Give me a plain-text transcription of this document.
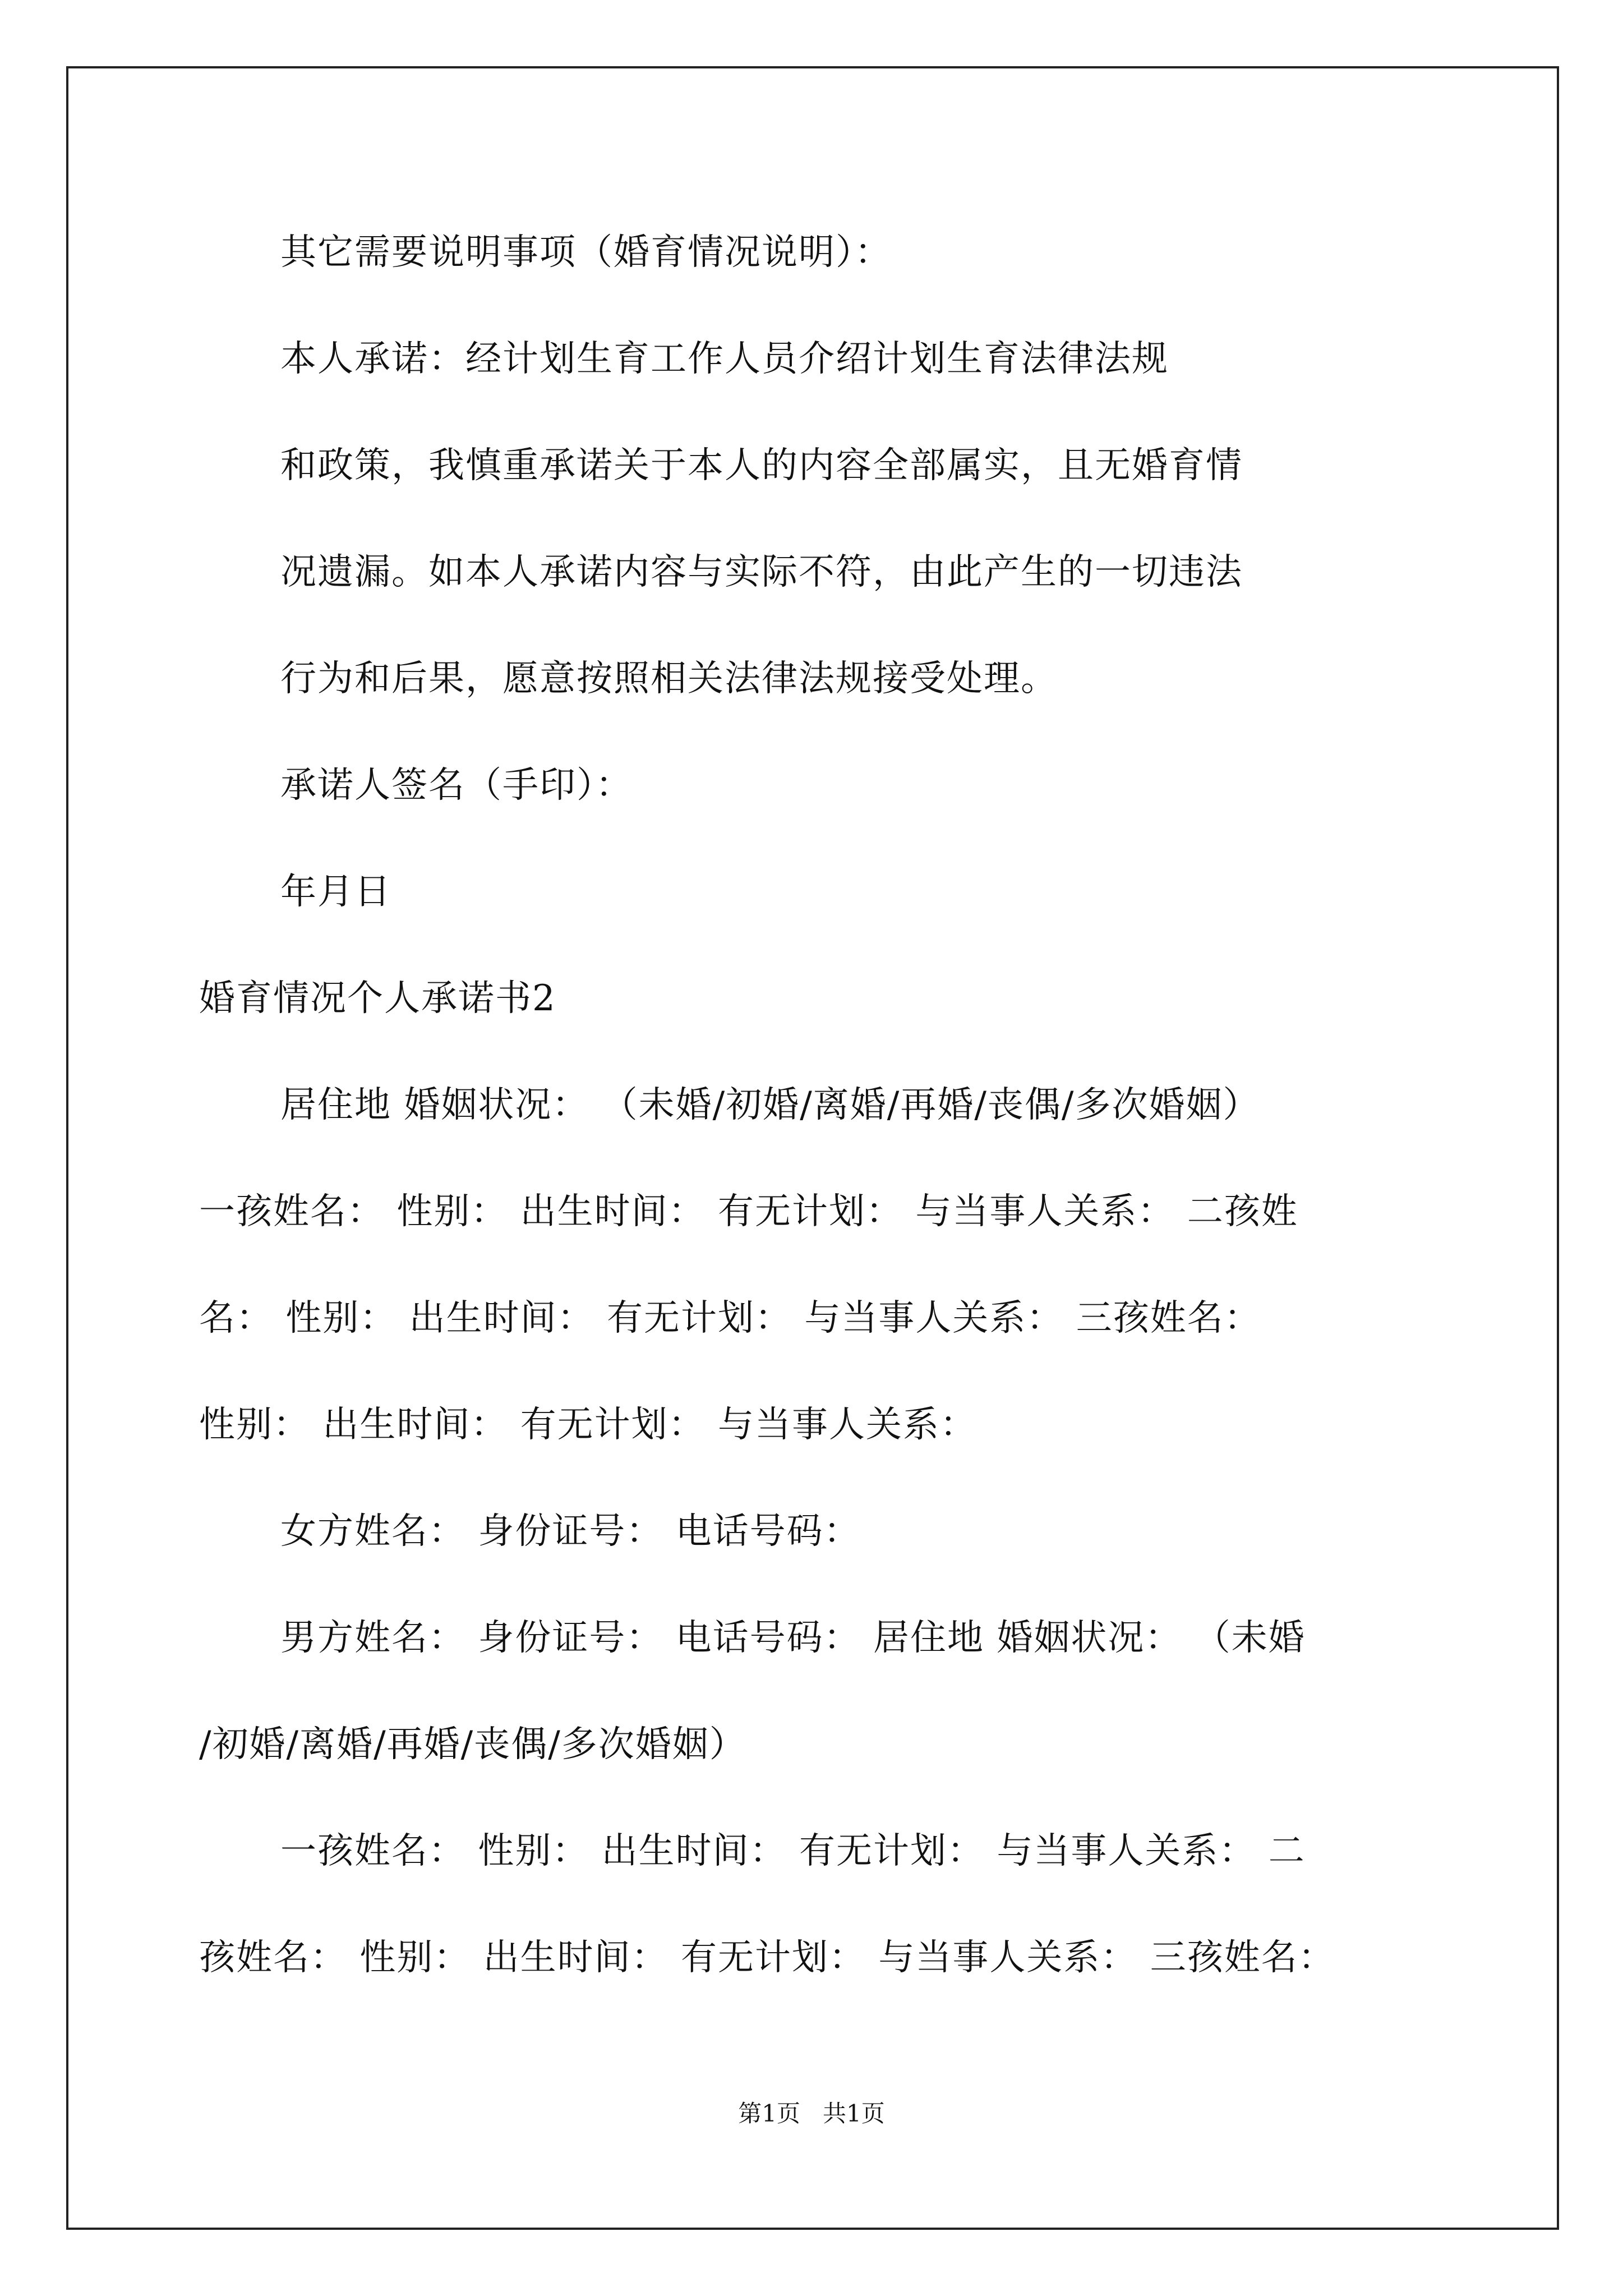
其它需要说明事项（婚育情况说明）：
本人承诺：经计划生育工作人员介绍计划生育法律法规
和政策，我慎重承诺关于本人的内容全部属实，且无婚育情
况遗漏。如本人承诺内容与实际不符，由此产生的一切违法
行为和后果，愿意按照相关法律法规接受处理。
承诺人签名（手印）：
年月日
婚育情况个人承诺书2
居住地 婚姻状况： （未婚/初婚/离婚/再婚/丧偶/多次婚姻）
一孩姓名： 性别： 出生时间： 有无计划： 与当事人关系： 二孩姓
名： 性别： 出生时间： 有无计划： 与当事人关系： 三孩姓名：
性别： 出生时间： 有无计划： 与当事人关系：
女方姓名： 身份证号： 电话号码：
男方姓名： 身份证号： 电话号码： 居住地 婚姻状况： （未婚
/初婚/离婚/再婚/丧偶/多次婚姻）
一孩姓名： 性别： 出生时间： 有无计划： 与当事人关系： 二
孩姓名： 性别： 出生时间： 有无计划： 与当事人关系： 三孩姓名：
第1页   共1页
